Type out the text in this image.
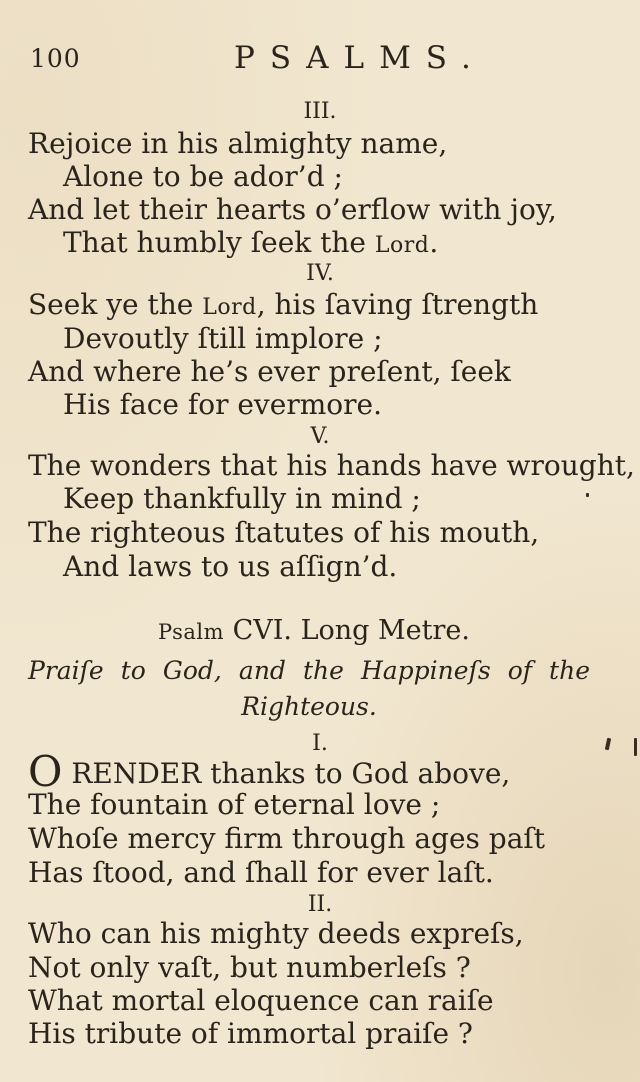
100	PSALMS.
III.
Rejoice in his almighty name,
Alone to be ador’d ;
And let their hearts o’erflow with joy,
That humbly ſeek the Lord.
IV.
Seek ye the Lord, his ſaving ſtrength
Devoutly ſtill implore ;
And where he’s ever preſent, ſeek
His face for evermore.
V.
The wonders that his hands have wrought,
Keep thankfully in mind ;
The righteous ſtatutes of his mouth,
And laws to us aſſign’d.
Psalm CVI. Long Metre.
Praiſe to God, and the Happineſs of the
Righteous.
I.
O RENDER thanks to God above,
The fountain of eternal love ;
Whoſe mercy firm through ages paſt
Has ſtood, and ſhall for ever laſt.
II.
Who can his mighty deeds expreſs,
Not only vaſt, but numberleſs ?
What mortal eloquence can raiſe
His tribute of immortal praiſe ?
